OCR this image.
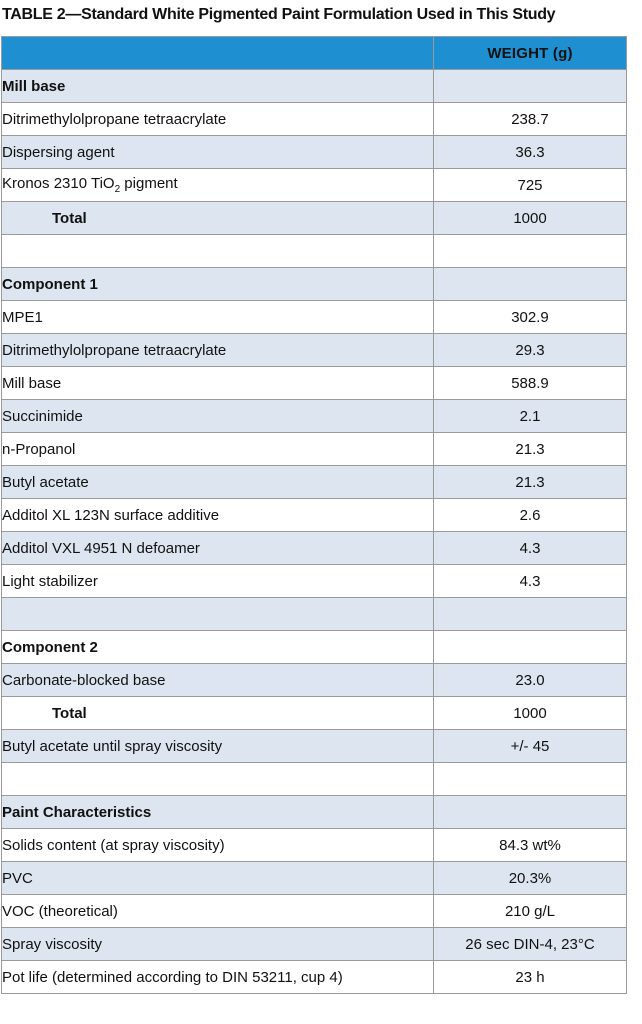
TABLE 2—Standard White Pigmented Paint Formulation Used in This Study
	WEIGHT (g)
Mill base	
Ditrimethylolpropane tetraacrylate	238.7
Dispersing agent	36.3
Kronos 2310 TiO$_2$ pigment	725
Total	1000

Component 1	
MPE1	302.9
Ditrimethylolpropane tetraacrylate	29.3
Mill base	588.9
Succinimide	2.1
n-Propanol	21.3
Butyl acetate	21.3
Additol XL 123N surface additive	2.6
Additol VXL 4951 N defoamer	4.3
Light stabilizer	4.3

Component 2	
Carbonate-blocked base	23.0
Total	1000
Butyl acetate until spray viscosity	+/- 45

Paint Characteristics	
Solids content (at spray viscosity)	84.3 wt%
PVC	20.3%
VOC (theoretical)	210 g/L
Spray viscosity	26 sec DIN-4, 23°C
Pot life (determined according to DIN 53211, cup 4)	23 h
